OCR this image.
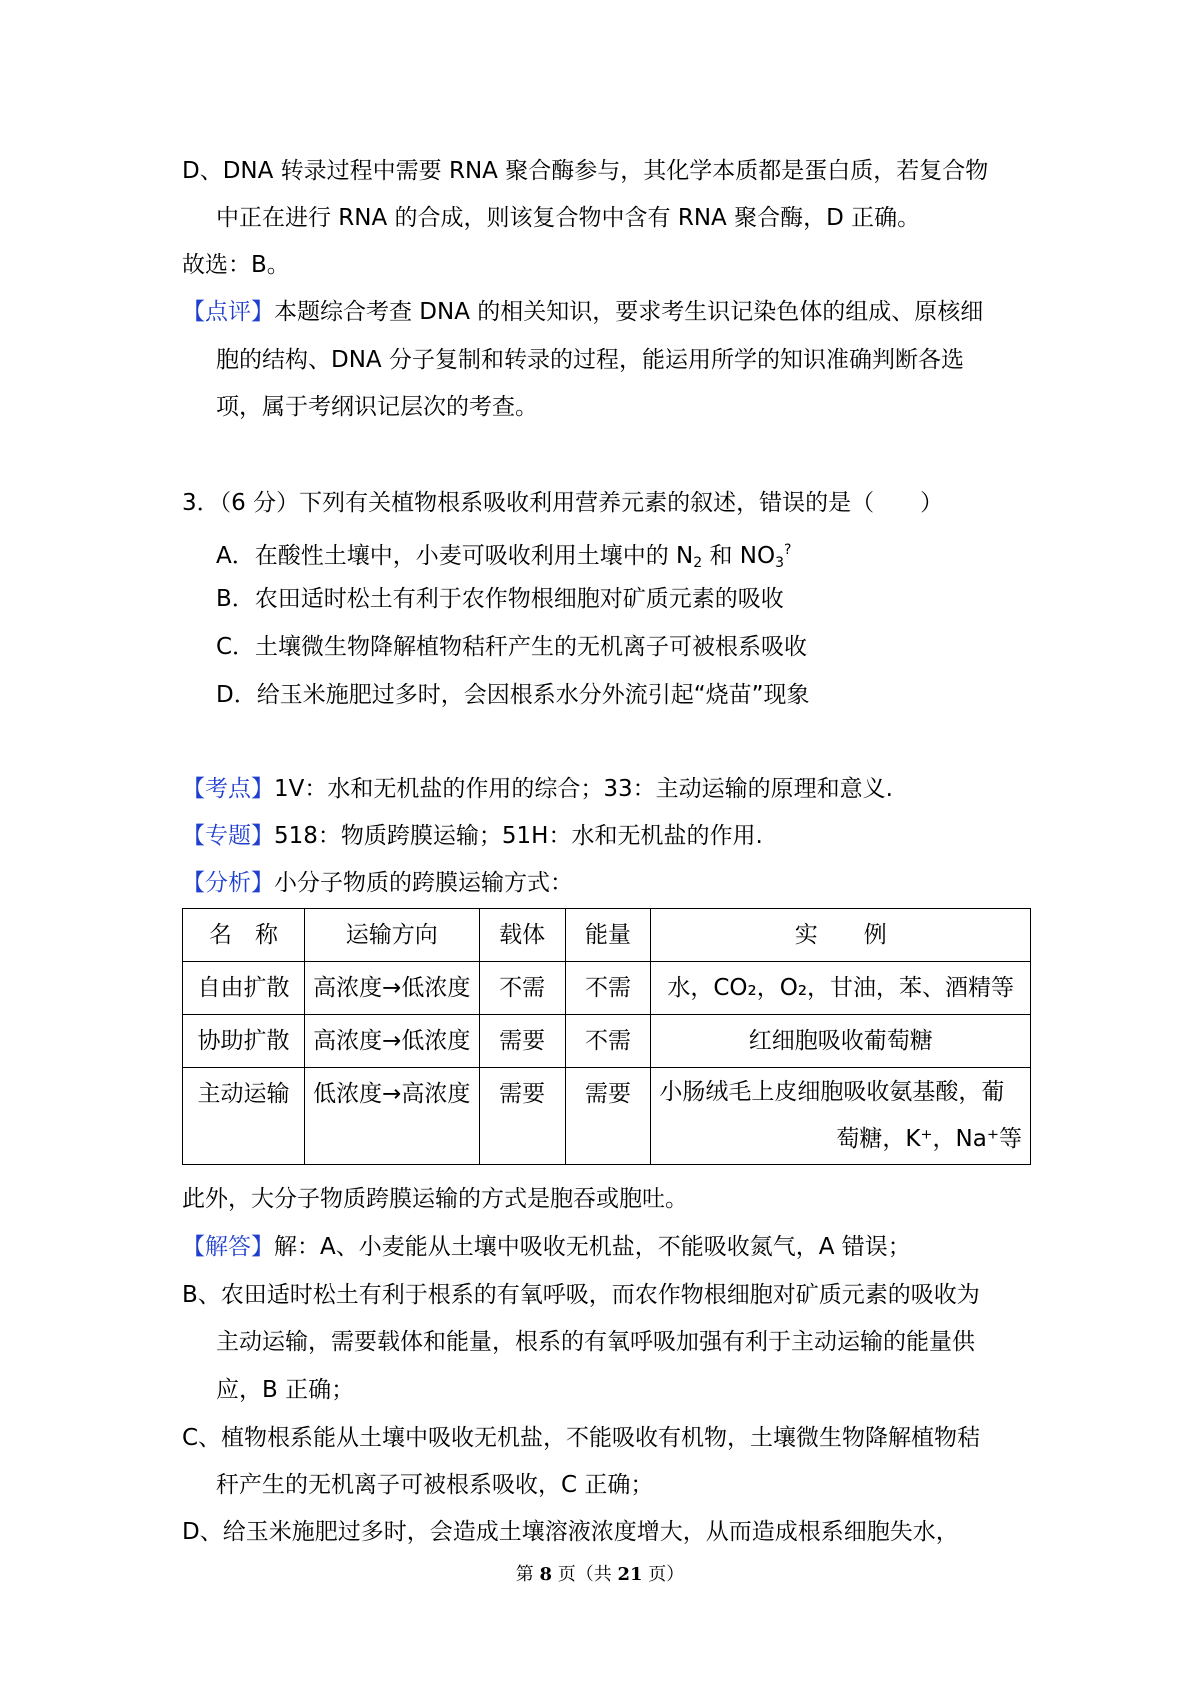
D、DNA 转录过程中需要 RNA 聚合酶参与，其化学本质都是蛋白质，若复合物
中正在进行 RNA 的合成，则该复合物中含有 RNA 聚合酶，D 正确。
故选：B。
【点评】本题综合考查 DNA 的相关知识，要求考生识记染色体的组成、原核细
胞的结构、DNA 分子复制和转录的过程，能运用所学的知识准确判断各选
项，属于考纲识记层次的考查。
3．（6 分）下列有关植物根系吸收利用营养元素的叙述，错误的是（　　）
A．在酸性土壤中，小麦可吸收利用土壤中的 $N_2$ 和 $NO_3^?$
B．农田适时松土有利于农作物根细胞对矿质元素的吸收
C．土壤微生物降解植物秸秆产生的无机离子可被根系吸收
D．给玉米施肥过多时，会因根系水分外流引起“烧苗”现象
【考点】1V：水和无机盐的作用的综合；33：主动运输的原理和意义.
【专题】518：物质跨膜运输；51H：水和无机盐的作用.
【分析】小分子物质的跨膜运输方式：
名　称	运输方向	载体	能量	实　　例
自由扩散	高浓度→低浓度	不需	不需	水，CO₂，O₂，甘油，苯、酒精等
协助扩散	高浓度→低浓度	需要	不需	红细胞吸收葡萄糖
主动运输	低浓度→高浓度	需要	需要	小肠绒毛上皮细胞吸收氨基酸，葡
萄糖，K⁺，Na⁺等
此外，大分子物质跨膜运输的方式是胞吞或胞吐。
【解答】解：A、小麦能从土壤中吸收无机盐，不能吸收氮气，A 错误；
B、农田适时松土有利于根系的有氧呼吸，而农作物根细胞对矿质元素的吸收为
主动运输，需要载体和能量，根系的有氧呼吸加强有利于主动运输的能量供
应，B 正确；
C、植物根系能从土壤中吸收无机盐，不能吸收有机物，土壤微生物降解植物秸
秆产生的无机离子可被根系吸收，C 正确；
D、给玉米施肥过多时，会造成土壤溶液浓度增大，从而造成根系细胞失水，
第 8 页（共 21 页）
